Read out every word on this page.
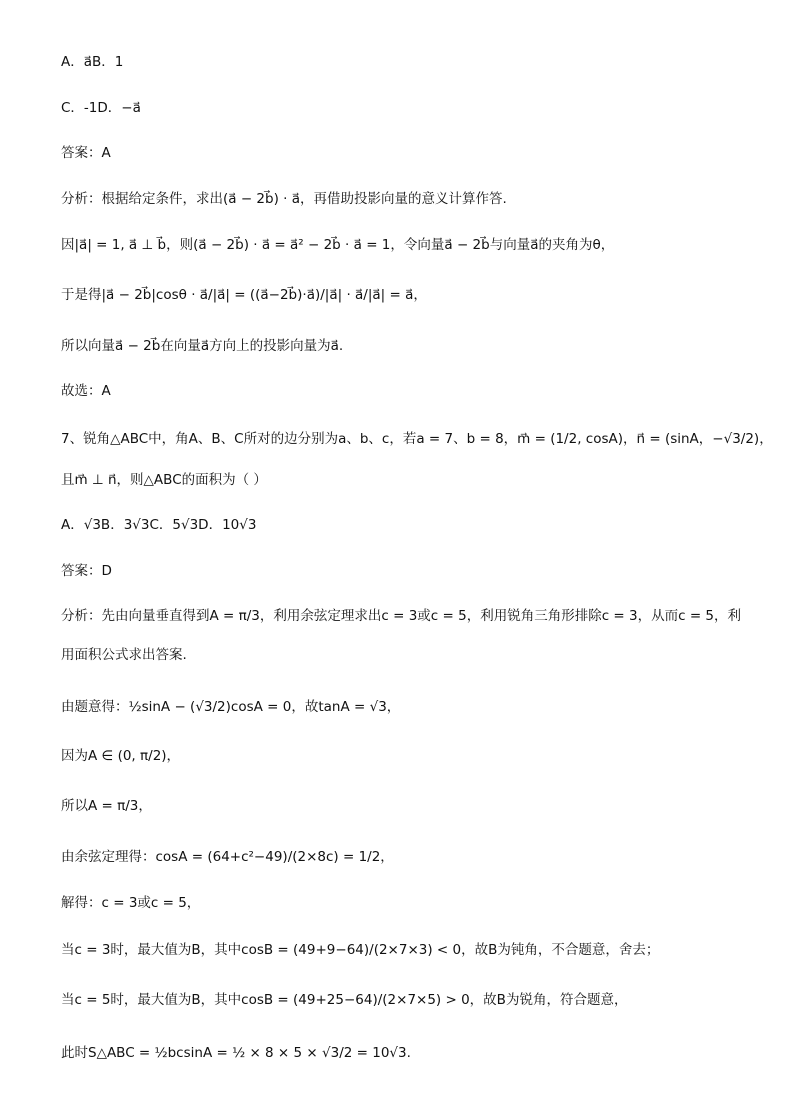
A．a⃗B．1
C．-1D．−a⃗
答案：A
分析：根据给定条件，求出(a⃗ − 2b⃗) · a⃗，再借助投影向量的意义计算作答.
因|a⃗| = 1, a⃗ ⊥ b⃗，则(a⃗ − 2b⃗) · a⃗ = a⃗² − 2b⃗ · a⃗ = 1，令向量a⃗ − 2b⃗与向量a⃗的夹角为θ，
于是得|a⃗ − 2b⃗|cosθ · a⃗/|a⃗| = ((a⃗−2b⃗)·a⃗)/|a⃗| · a⃗/|a⃗| = a⃗，
所以向量a⃗ − 2b⃗在向量a⃗方向上的投影向量为a⃗.
故选：A
7、锐角△ABC中，角A、B、C所对的边分别为a、b、c，若a = 7、b = 8，m⃗ = (1/2, cosA)，n⃗ = (sinA，−√3/2)，
且m⃗ ⊥ n⃗，则△ABC的面积为（ ）
A．√3B．3√3C．5√3D．10√3
答案：D
分析：先由向量垂直得到A = π/3，利用余弦定理求出c = 3或c = 5，利用锐角三角形排除c = 3，从而c = 5，利
用面积公式求出答案.
由题意得：½sinA − (√3/2)cosA = 0，故tanA = √3，
因为A ∈ (0, π/2)，
所以A = π/3，
由余弦定理得：cosA = (64+c²−49)/(2×8c) = 1/2，
解得：c = 3或c = 5，
当c = 3时，最大值为B，其中cosB = (49+9−64)/(2×7×3) < 0，故B为钝角，不合题意，舍去；
当c = 5时，最大值为B，其中cosB = (49+25−64)/(2×7×5) > 0，故B为锐角，符合题意，
此时S△ABC = ½bcsinA = ½ × 8 × 5 × √3/2 = 10√3.
